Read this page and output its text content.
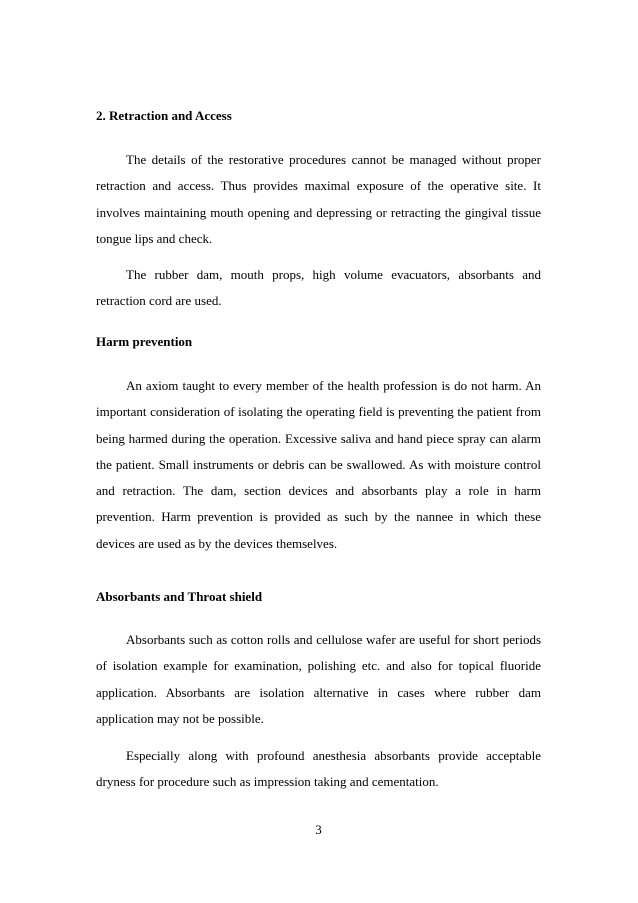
2. Retraction and Access

The details of the restorative procedures cannot be managed without proper retraction and access. Thus provides maximal exposure of the operative site. It involves maintaining mouth opening and depressing or retracting the gingival tissue tongue lips and check.

The rubber dam, mouth props, high volume evacuators, absorbants and retraction cord are used.

Harm prevention

An axiom taught to every member of the health profession is do not harm. An important consideration of isolating the operating field is preventing the patient from being harmed during the operation. Excessive saliva and hand piece spray can alarm the patient. Small instruments or debris can be swallowed. As with moisture control and retraction. The dam, section devices and absorbants play a role in harm prevention. Harm prevention is provided as such by the nannee in which these devices are used as by the devices themselves.

Absorbants and Throat shield

Absorbants such as cotton rolls and cellulose wafer are useful for short periods of isolation example for examination, polishing etc. and also for topical fluoride application. Absorbants are isolation alternative in cases where rubber dam application may not be possible.

Especially along with profound anesthesia absorbants provide acceptable dryness for procedure such as impression taking and cementation.

3
